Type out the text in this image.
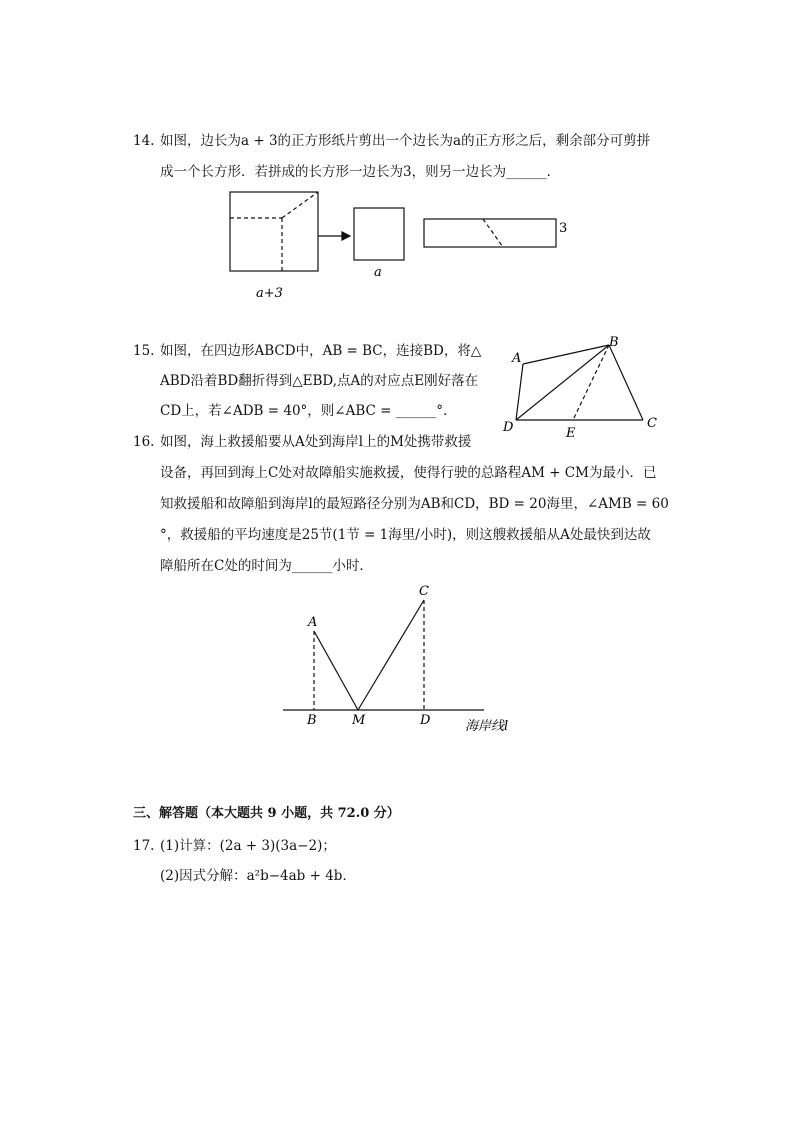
14. 如图，边长为a + 3的正方形纸片剪出一个边长为a的正方形之后，剩余部分可剪拼
成一个长方形．若拼成的长方形一边长为3，则另一边长为______．
a+3
a
3
A
B
C
D	E
A
C
B	M	D	海岸线l
15. 如图，在四边形ABCD中，AB = BC，连接BD，将△
ABD沿着BD翻折得到△EBD,点A的对应点E刚好落在
CD上，若∠ADB = 40°，则∠ABC = ______°.
16. 如图，海上救援船要从A处到海岸l上的M处携带救援
设备，再回到海上C处对故障船实施救援，使得行驶的总路程AM + CM为最小．已
知救援船和故障船到海岸l的最短路径分别为AB和CD，BD = 20海里，∠AMB = 60
°，救援船的平均速度是25节(1节 = 1海里/小时)，则这艘救援船从A处最快到达故
障船所在C处的时间为______小时．
三、解答题（本大题共 9 小题，共 72.0 分）
17. (1)计算：(2a + 3)(3a−2)；
(2)因式分解：a²b−4ab + 4b．
